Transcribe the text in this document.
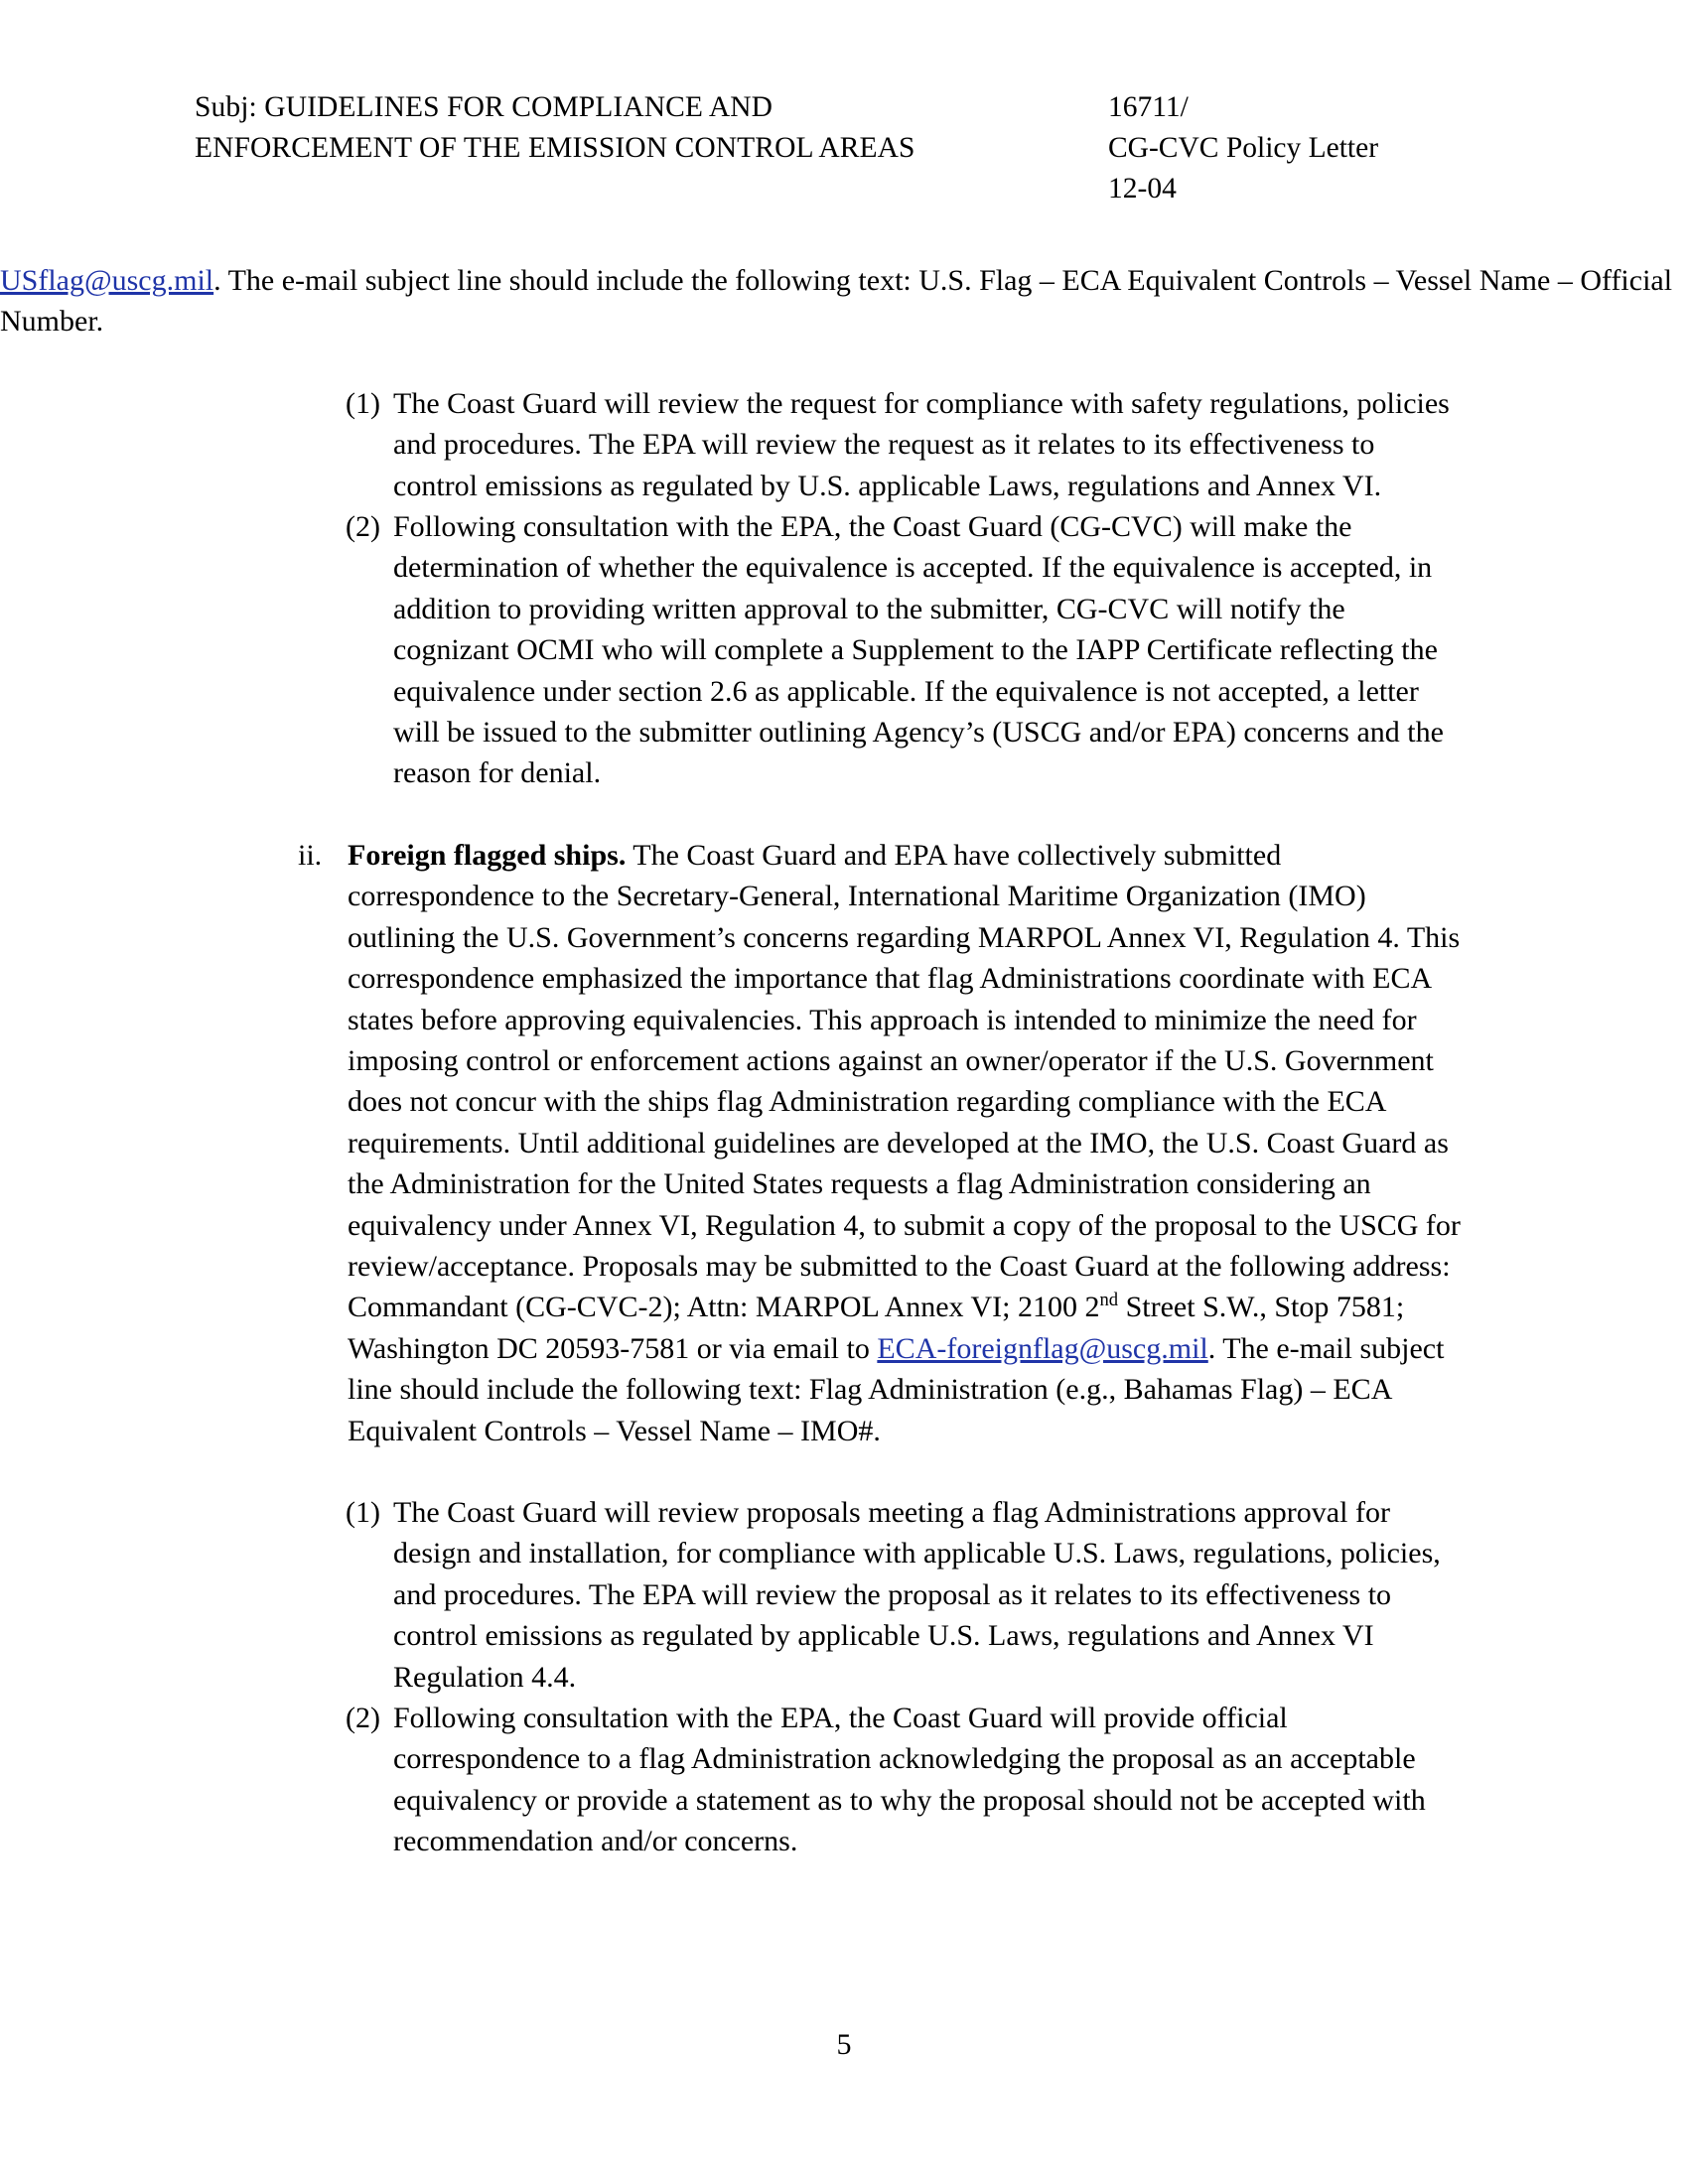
Subj: GUIDELINES FOR COMPLIANCE AND
ENFORCEMENT OF THE EMISSION CONTROL AREAS
16711/
CG-CVC Policy Letter
12-04

USflag@uscg.mil. The e-mail subject line should include the following text: U.S. Flag – ECA Equivalent Controls – Vessel Name – Official Number.

(1) The Coast Guard will review the request for compliance with safety regulations, policies and procedures. The EPA will review the request as it relates to its effectiveness to control emissions as regulated by U.S. applicable Laws, regulations and Annex VI.
(2) Following consultation with the EPA, the Coast Guard (CG-CVC) will make the determination of whether the equivalence is accepted. If the equivalence is accepted, in addition to providing written approval to the submitter, CG-CVC will notify the cognizant OCMI who will complete a Supplement to the IAPP Certificate reflecting the equivalence under section 2.6 as applicable. If the equivalence is not accepted, a letter will be issued to the submitter outlining Agency’s (USCG and/or EPA) concerns and the reason for denial.
ii. Foreign flagged ships. The Coast Guard and EPA have collectively submitted correspondence to the Secretary-General, International Maritime Organization (IMO) outlining the U.S. Government’s concerns regarding MARPOL Annex VI, Regulation 4. This correspondence emphasized the importance that flag Administrations coordinate with ECA states before approving equivalencies. This approach is intended to minimize the need for imposing control or enforcement actions against an owner/operator if the U.S. Government does not concur with the ships flag Administration regarding compliance with the ECA requirements. Until additional guidelines are developed at the IMO, the U.S. Coast Guard as the Administration for the United States requests a flag Administration considering an equivalency under Annex VI, Regulation 4, to submit a copy of the proposal to the USCG for review/acceptance. Proposals may be submitted to the Coast Guard at the following address: Commandant (CG-CVC-2); Attn: MARPOL Annex VI; 2100 2nd Street S.W., Stop 7581; Washington DC 20593-7581 or via email to ECA-foreignflag@uscg.mil. The e-mail subject line should include the following text: Flag Administration (e.g., Bahamas Flag) – ECA Equivalent Controls – Vessel Name – IMO#.
(1) The Coast Guard will review proposals meeting a flag Administrations approval for design and installation, for compliance with applicable U.S. Laws, regulations, policies, and procedures. The EPA will review the proposal as it relates to its effectiveness to control emissions as regulated by applicable U.S. Laws, regulations and Annex VI Regulation 4.4.
(2) Following consultation with the EPA, the Coast Guard will provide official correspondence to a flag Administration acknowledging the proposal as an acceptable equivalency or provide a statement as to why the proposal should not be accepted with recommendation and/or concerns.
5
